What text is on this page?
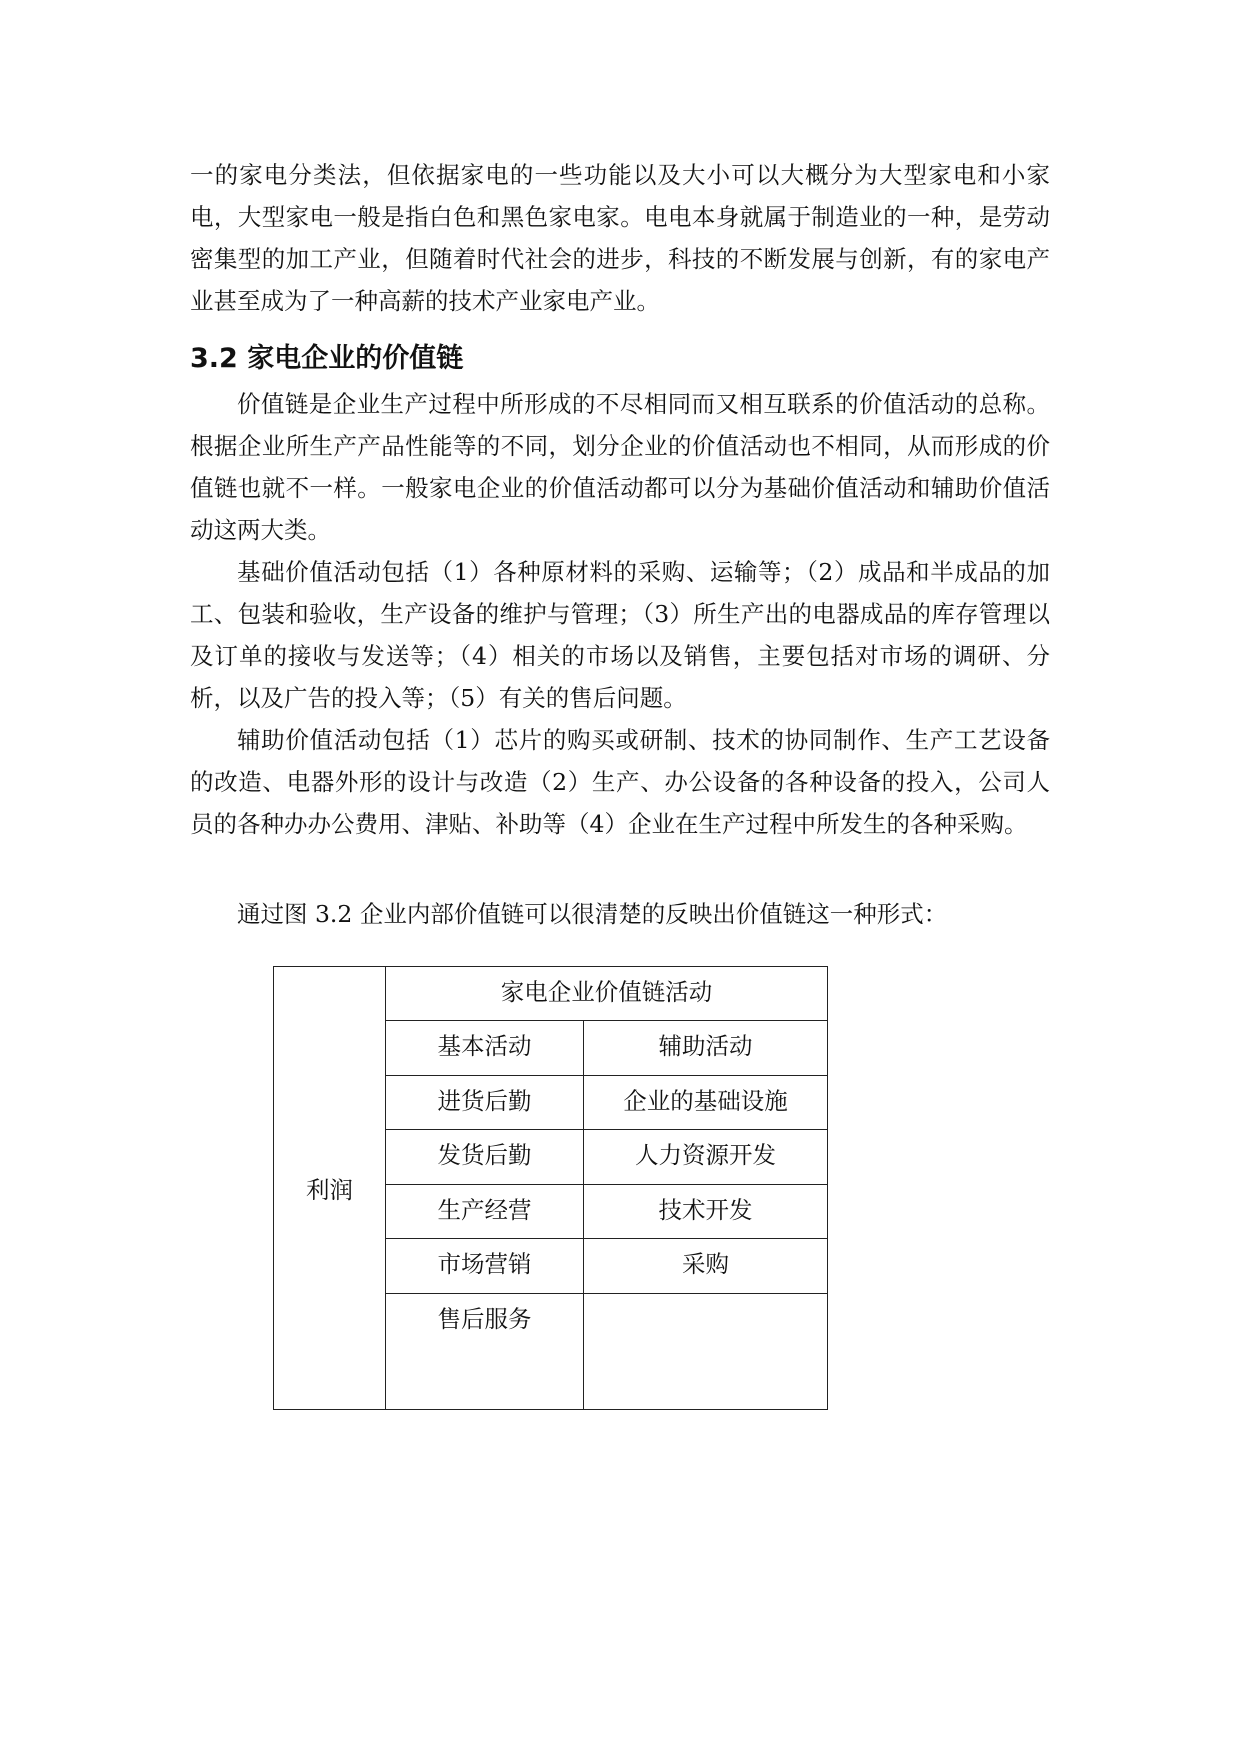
一的家电分类法，但依据家电的一些功能以及大小可以大概分为大型家电和小家电，大型家电一般是指白色和黑色家电家。电电本身就属于制造业的一种，是劳动密集型的加工产业，但随着时代社会的进步，科技的不断发展与创新，有的家电产业甚至成为了一种高薪的技术产业家电产业。

3.2 家电企业的价值链

价值链是企业生产过程中所形成的不尽相同而又相互联系的价值活动的总称。根据企业所生产产品性能等的不同，划分企业的价值活动也不相同，从而形成的价值链也就不一样。一般家电企业的价值活动都可以分为基础价值活动和辅助价值活动这两大类。

基础价值活动包括（1）各种原材料的采购、运输等；（2）成品和半成品的加工、包装和验收，生产设备的维护与管理；（3）所生产出的电器成品的库存管理以及订单的接收与发送等；（4）相关的市场以及销售，主要包括对市场的调研、分析，以及广告的投入等；（5）有关的售后问题。

辅助价值活动包括（1）芯片的购买或研制、技术的协同制作、生产工艺设备的改造、电器外形的设计与改造（2）生产、办公设备的各种设备的投入，公司人员的各种办办公费用、津贴、补助等（4）企业在生产过程中所发生的各种采购。

通过图 3.2 企业内部价值链可以很清楚的反映出价值链这一种形式：

利润	家电企业价值链活动	
	基本活动	辅助活动
	进货后勤	企业的基础设施
	发货后勤	人力资源开发
	生产经营	技术开发
	市场营销	采购
	售后服务	
